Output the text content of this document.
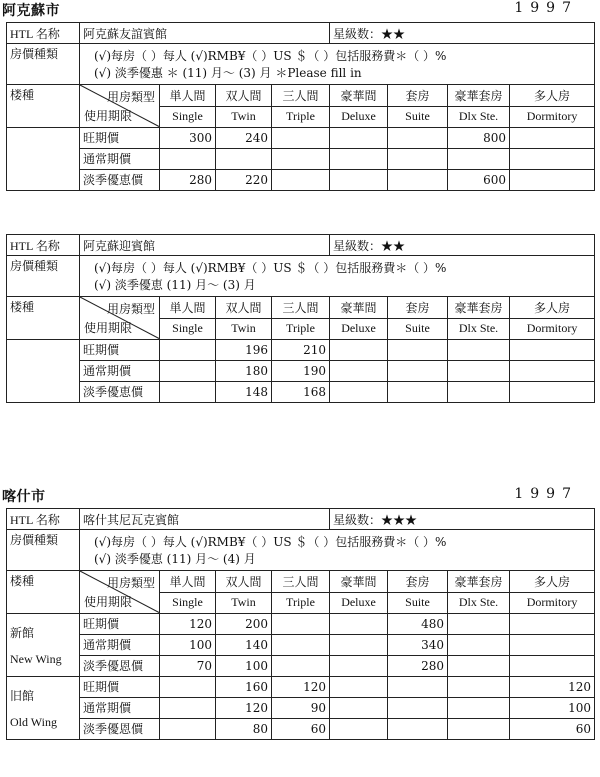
阿克蘇市	1997
HTL 名称	阿克蘇友誼賓館				星級数：★★			
房價種類	(√)每房（ ）每人 (√)RMB¥（ ）US ＄（ ）包括服務費＊（ ）%
(√) 淡季優惠 ＊ (11) 月～ (3) 月 ＊Please fill in							

楼種	用房類型
使用期限	単人間	双人間	三人間	豪華間	套房	豪華套房	多人房
		Single	Twin	Triple	Deluxe	Suite	Dlx Ste.	Dormitory

	旺期價	300	240				800	
	通常期價							
	淡季優恵價	280	220				600	
HTL 名称	阿克蘇迎賓館				星級数：★★			
房價種類	(√)每房（ ）每人 (√)RMB¥（ ）US ＄（ ）包括服務費＊（ ）%
(√) 淡季優恵 (11) 月～ (3) 月							

楼種	用房類型
使用期限	単人間	双人間	三人間	豪華間	套房	豪華套房	多人房
		Single	Twin	Triple	Deluxe	Suite	Dlx Ste.	Dormitory

	旺期價		196	210				
	通常期價		180	190				
	淡季優恵價		148	168				
喀什市	1997
HTL 名称	喀什其尼瓦克賓館				星級数：★★★			
房價種類	(√)每房（ ）每人 (√)RMB¥（ ）US ＄（ ）包括服務費＊（ ）%
(√) 淡季優恵 (11) 月～ (4) 月							

楼種	用房類型
使用期限	単人間	双人間	三人間	豪華間	套房	豪華套房	多人房
		Single	Twin	Triple	Deluxe	Suite	Dlx Ste.	Dormitory

新館
New Wing	旺期價	120	200			480		
	通常期價	100	140			340		
	淡季優恩價	70	100			280		

旧館
Old Wing	旺期價		160	120				120
	通常期價		120	90				100
	淡季優恩價		80	60				60
